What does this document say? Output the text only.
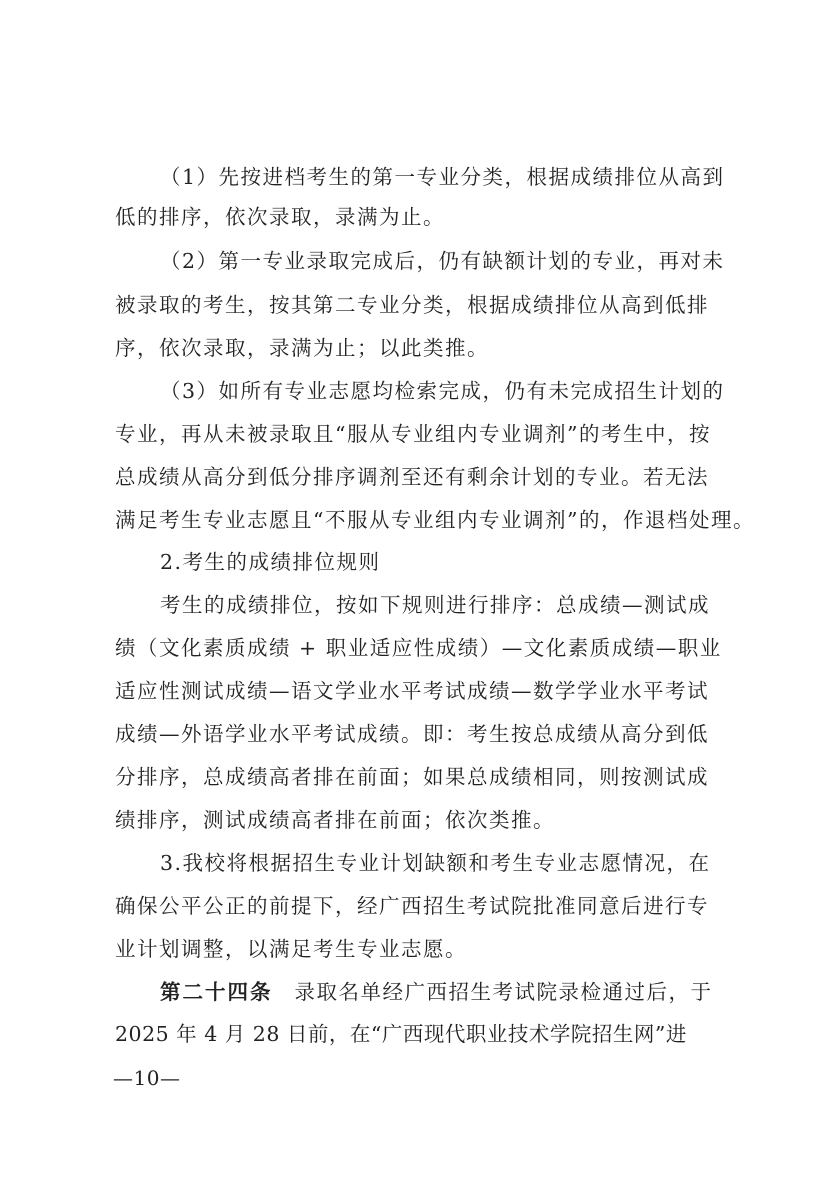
（1）先按进档考生的第一专业分类，根据成绩排位从高到
低的排序，依次录取，录满为止。
（2）第一专业录取完成后，仍有缺额计划的专业，再对未
被录取的考生，按其第二专业分类，根据成绩排位从高到低排
序，依次录取，录满为止；以此类推。
（3）如所有专业志愿均检索完成，仍有未完成招生计划的
专业，再从未被录取且“服从专业组内专业调剂”的考生中，按
总成绩从高分到低分排序调剂至还有剩余计划的专业。若无法
满足考生专业志愿且“不服从专业组内专业调剂”的，作退档处理。
2.考生的成绩排位规则
考生的成绩排位，按如下规则进行排序：总成绩—测试成
绩（文化素质成绩 + 职业适应性成绩）—文化素质成绩—职业
适应性测试成绩—语文学业水平考试成绩—数学学业水平考试
成绩—外语学业水平考试成绩。即：考生按总成绩从高分到低
分排序，总成绩高者排在前面；如果总成绩相同，则按测试成
绩排序，测试成绩高者排在前面；依次类推。
3.我校将根据招生专业计划缺额和考生专业志愿情况，在
确保公平公正的前提下，经广西招生考试院批准同意后进行专
业计划调整，以满足考生专业志愿。
第二十四条　录取名单经广西招生考试院录检通过后，于
2025 年 4 月 28 日前，在“广西现代职业技术学院招生网”进
—10—
